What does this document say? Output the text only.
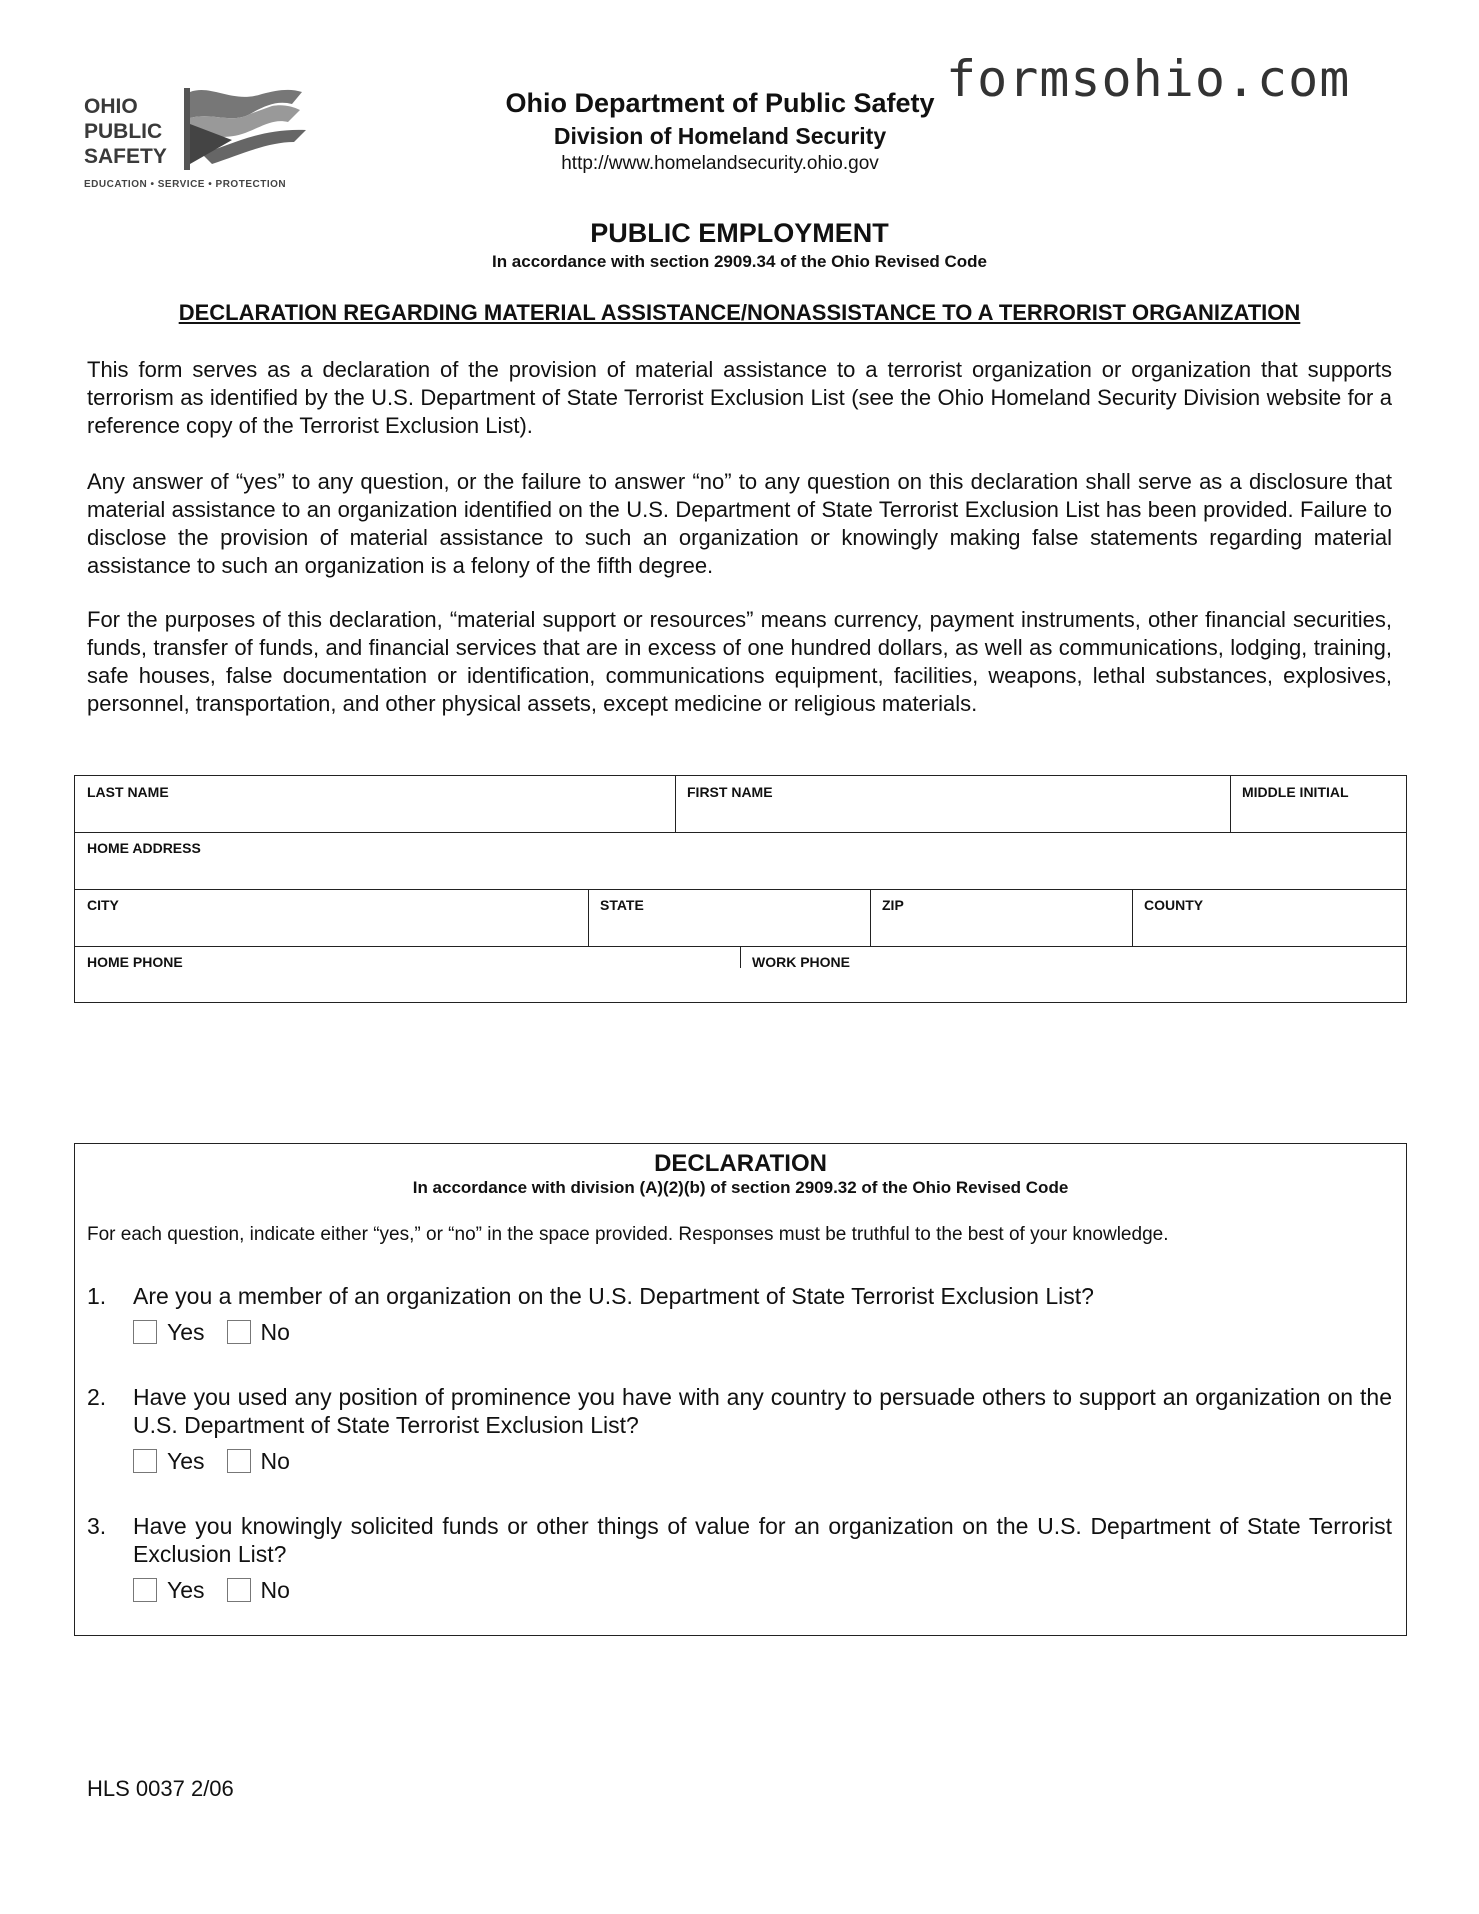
formsohio.com
OHIO
PUBLIC
SAFETY
EDUCATION • SERVICE • PROTECTION
Ohio Department of Public Safety
Division of Homeland Security
http://www.homelandsecurity.ohio.gov
PUBLIC EMPLOYMENT
In accordance with section 2909.34 of the Ohio Revised Code
DECLARATION REGARDING MATERIAL ASSISTANCE/NONASSISTANCE TO A TERRORIST ORGANIZATION
This form serves as a declaration of the provision of material assistance to a terrorist organization or organization that supports terrorism as identified by the U.S. Department of State Terrorist Exclusion List (see the Ohio Homeland Security Division website for a reference copy of the Terrorist Exclusion List).
Any answer of “yes” to any question, or the failure to answer “no” to any question on this declaration shall serve as a disclosure that material assistance to an organization identified on the U.S. Department of State Terrorist Exclusion List has been provided. Failure to disclose the provision of material assistance to such an organization or knowingly making false statements regarding material assistance to such an organization is a felony of the fifth degree.
For the purposes of this declaration, “material support or resources” means currency, payment instruments, other financial securities, funds, transfer of funds, and financial services that are in excess of one hundred dollars, as well as communications, lodging, training, safe houses, false documentation or identification, communications equipment, facilities, weapons, lethal substances, explosives, personnel, transportation, and other physical assets, except medicine or religious materials.
LAST NAME	FIRST NAME	MIDDLE INITIAL
HOME ADDRESS
CITY	STATE	ZIP	COUNTY
HOME PHONE	WORK PHONE
DECLARATION
In accordance with division (A)(2)(b) of section 2909.32 of the Ohio Revised Code
For each question, indicate either “yes,” or “no” in the space provided. Responses must be truthful to the best of your knowledge.
1. Are you a member of an organization on the U.S. Department of State Terrorist Exclusion List?
Yes No
2. Have you used any position of prominence you have with any country to persuade others to support an organization on the U.S. Department of State Terrorist Exclusion List?
Yes No
3. Have you knowingly solicited funds or other things of value for an organization on the U.S. Department of State Terrorist Exclusion List?
Yes No
HLS 0037 2/06
